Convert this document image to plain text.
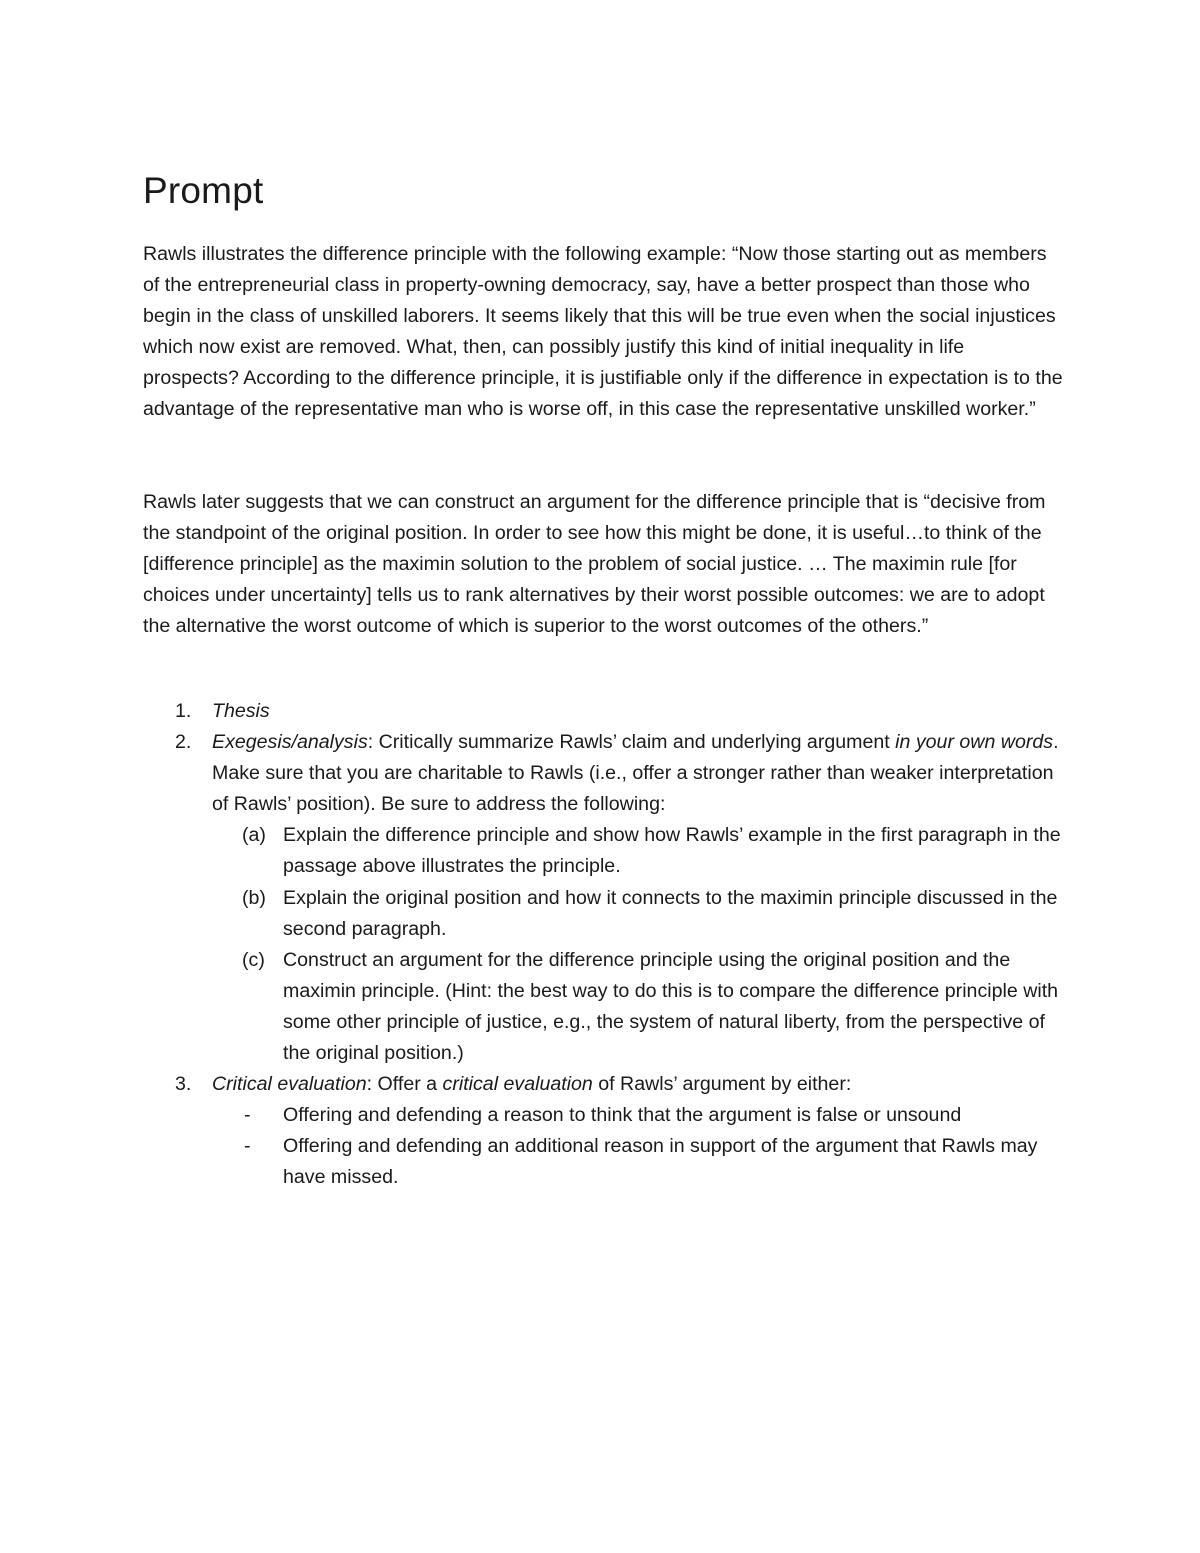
Prompt

Rawls illustrates the difference principle with the following example: “Now those starting out as members of the entrepreneurial class in property-owning democracy, say, have a better prospect than those who begin in the class of unskilled laborers. It seems likely that this will be true even when the social injustices which now exist are removed. What, then, can possibly justify this kind of initial inequality in life prospects? According to the difference principle, it is justifiable only if the difference in expectation is to the advantage of the representative man who is worse off, in this case the representative unskilled worker.”

Rawls later suggests that we can construct an argument for the difference principle that is “decisive from the standpoint of the original position. In order to see how this might be done, it is useful…to think of the [difference principle] as the maximin solution to the problem of social justice. … The maximin rule [for choices under uncertainty] tells us to rank alternatives by their worst possible outcomes: we are to adopt the alternative the worst outcome of which is superior to the worst outcomes of the others.”

1. Thesis
2. Exegesis/analysis: Critically summarize Rawls’ claim and underlying argument in your own words. Make sure that you are charitable to Rawls (i.e., offer a stronger rather than weaker interpretation of Rawls’ position). Be sure to address the following:
(a) Explain the difference principle and show how Rawls’ example in the first paragraph in the passage above illustrates the principle.
(b) Explain the original position and how it connects to the maximin principle discussed in the second paragraph.
(c) Construct an argument for the difference principle using the original position and the maximin principle. (Hint: the best way to do this is to compare the difference principle with some other principle of justice, e.g., the system of natural liberty, from the perspective of the original position.)
3. Critical evaluation: Offer a critical evaluation of Rawls’ argument by either:
- Offering and defending a reason to think that the argument is false or unsound
- Offering and defending an additional reason in support of the argument that Rawls may have missed.
